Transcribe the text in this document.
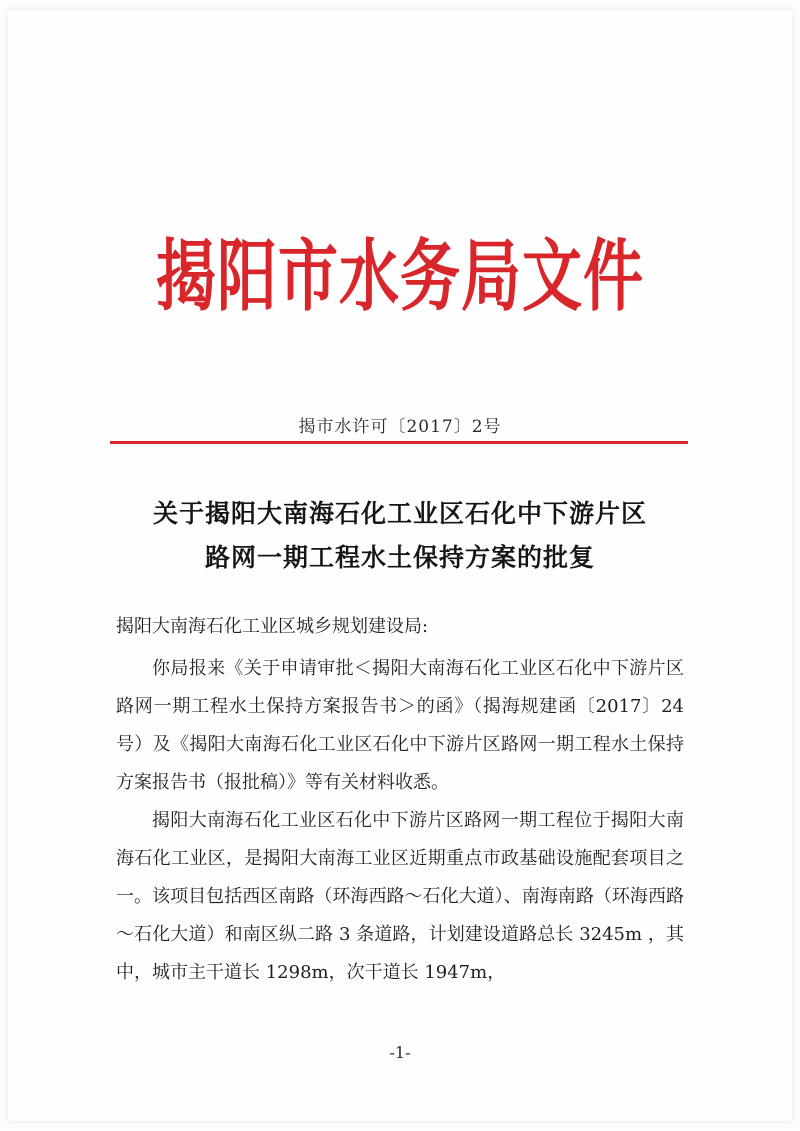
揭阳市水务局文件
揭市水许可〔2017〕2号
关于揭阳大南海石化工业区石化中下游片区
路网一期工程水土保持方案的批复
揭阳大南海石化工业区城乡规划建设局:

你局报来《关于申请审批＜揭阳大南海石化工业区石化中下游片区路网一期工程水土保持方案报告书＞的函》（揭海规建函〔2017〕24 号）及《揭阳大南海石化工业区石化中下游片区路网一期工程水土保持方案报告书（报批稿）》等有关材料收悉。

揭阳大南海石化工业区石化中下游片区路网一期工程位于揭阳大南海石化工业区，是揭阳大南海工业区近期重点市政基础设施配套项目之一。该项目包括西区南路（环海西路～石化大道）、南海南路（环海西路～石化大道）和南区纵二路 3 条道路，计划建设道路总长 3245m ，其中，城市主干道长 1298m，次干道长 1947m，

-1-
